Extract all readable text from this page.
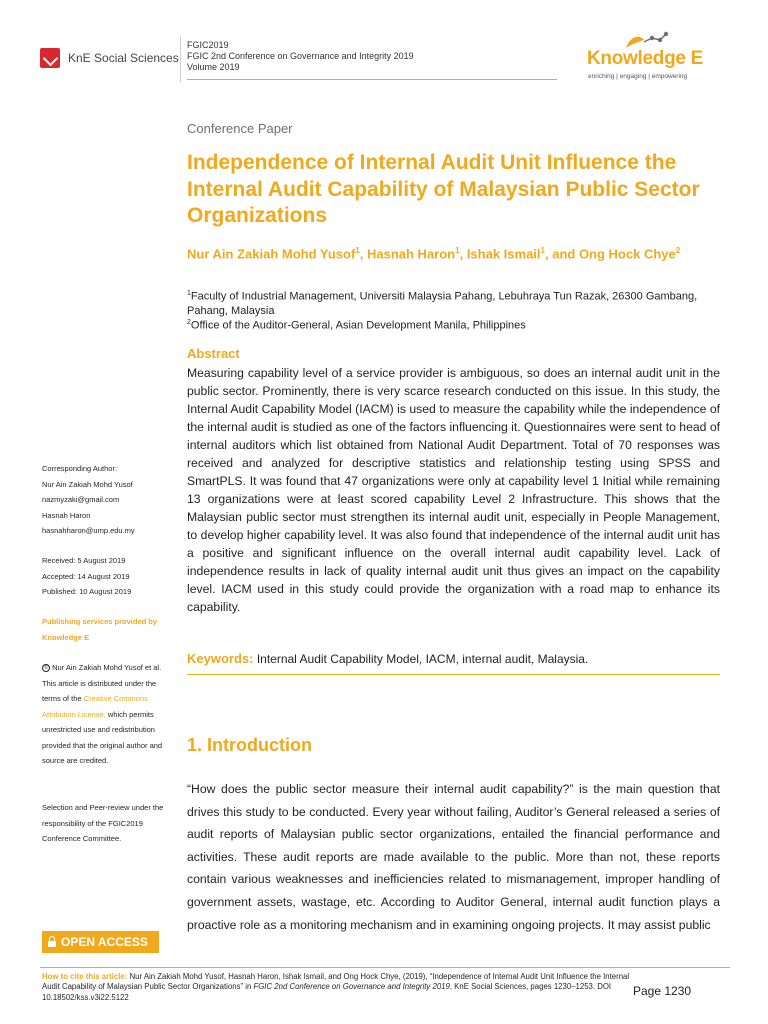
KnE Social Sciences
FGIC2019
FGIC 2nd Conference on Governance and Integrity 2019
Volume 2019	Knowledge E
enriching | engaging | empowering
Conference Paper
Independence of Internal Audit Unit Influence the Internal Audit Capability of Malaysian Public Sector Organizations
Nur Ain Zakiah Mohd Yusof$^1$, Hasnah Haron$^1$, Ishak Ismail$^1$, and Ong Hock Chye$^2$
$^1$Faculty of Industrial Management, Universiti Malaysia Pahang, Lebuhraya Tun Razak, 26300 Gambang, Pahang, Malaysia
$^2$Office of the Auditor-General, Asian Development Manila, Philippines
Abstract
Measuring capability level of a service provider is ambiguous, so does an internal audit unit in the public sector. Prominently, there is very scarce research conducted on this issue. In this study, the Internal Audit Capability Model (IACM) is used to measure the capability while the independence of the internal audit is studied as one of the factors influencing it. Questionnaires were sent to head of internal auditors which list obtained from National Audit Department. Total of 70 responses was received and analyzed for descriptive statistics and relationship testing using SPSS and SmartPLS. It was found that 47 organizations were only at capability level 1 Initial while remaining 13 organizations were at least scored capability Level 2 Infrastructure. This shows that the Malaysian public sector must strengthen its internal audit unit, especially in People Management, to develop higher capability level. It was also found that independence of the internal audit unit has a positive and significant influence on the overall internal audit capability level. Lack of independence results in lack of quality internal audit unit thus gives an impact on the capability level. IACM used in this study could provide the organization with a road map to enhance its capability.
Keywords: Internal Audit Capability Model, IACM, internal audit, Malaysia.
1. Introduction
“How does the public sector measure their internal audit capability?” is the main question that drives this study to be conducted. Every year without failing, Auditor’s General released a series of audit reports of Malaysian public sector organizations, entailed the financial performance and activities. These audit reports are made available to the public. More than not, these reports contain various weaknesses and inefficiencies related to mismanagement, improper handling of government assets, wastage, etc. According to Auditor General, internal audit function plays a proactive role as a monitoring mechanism and in examining ongoing projects. It may assist public
Corresponding Author:
Nur Ain Zakiah Mohd Yusof
nazmyzaki@gmail.com
Hasnah Haron
hasnahharon@ump.edu.my
Received: 5 August 2019
Accepted: 14 August 2019
Published: 10 August 2019
Publishing services provided by Knowledge E
© Nur Ain Zakiah Mohd Yusof et al. This article is distributed under the terms of the Creative Commons Attribution License, which permits unrestricted use and redistribution provided that the original author and source are credited.
Selection and Peer-review under the responsibility of the FGIC2019 Conference Committee.
OPEN ACCESS
How to cite this article: Nur Ain Zakiah Mohd Yusof, Hasnah Haron, Ishak Ismail, and Ong Hock Chye, (2019), “Independence of Internal Audit Unit Influence the Internal Audit Capability of Malaysian Public Sector Organizations” in FGIC 2nd Conference on Governance and Integrity 2019, KnE Social Sciences, pages 1230–1253. DOI 10.18502/kss.v3i22.5122	Page 1230
